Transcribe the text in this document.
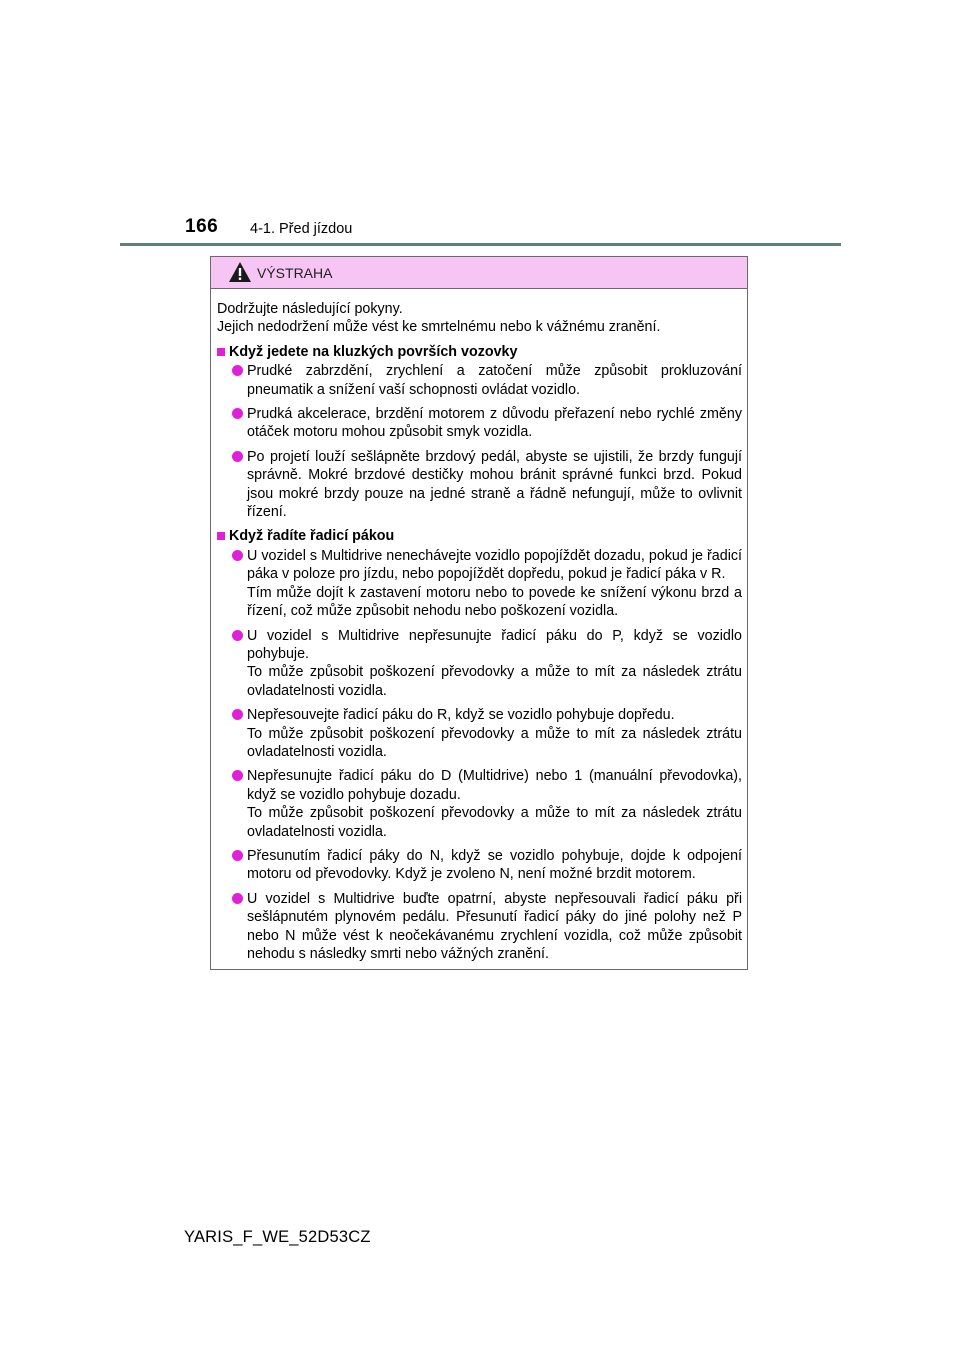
166 4-1. Před jízdou
VÝSTRAHA

Dodržujte následující pokyny.

Jejich nedodržení může vést ke smrtelnému nebo k vážnému zranění.

Když jedete na kluzkých površích vozovky
Prudké zabrzdění, zrychlení a zatočení může způsobit prokluzování pneumatik a snížení vaší schopnosti ovládat vozidlo.
Prudká akcelerace, brzdění motorem z důvodu přeřazení nebo rychlé změny otáček motoru mohou způsobit smyk vozidla.
Po projetí louží sešlápněte brzdový pedál, abyste se ujistili, že brzdy fungují správně. Mokré brzdové destičky mohou bránit správné funkci brzd. Pokud jsou mokré brzdy pouze na jedné straně a řádně nefungují, může to ovlivnit řízení.
Když řadíte řadicí pákou
U vozidel s Multidrive nenechávejte vozidlo popojíždět dozadu, pokud je řadicí páka v poloze pro jízdu, nebo popojíždět dopředu, pokud je řadicí páka v R.
Tím může dojít k zastavení motoru nebo to povede ke snížení výkonu brzd a řízení, což může způsobit nehodu nebo poškození vozidla.
U vozidel s Multidrive nepřesunujte řadicí páku do P, když se vozidlo pohybuje.
To může způsobit poškození převodovky a může to mít za následek ztrátu ovladatelnosti vozidla.
Nepřesouvejte řadicí páku do R, když se vozidlo pohybuje dopředu.
To může způsobit poškození převodovky a může to mít za následek ztrátu ovladatelnosti vozidla.
Nepřesunujte řadicí páku do D (Multidrive) nebo 1 (manuální převodovka), když se vozidlo pohybuje dozadu.
To může způsobit poškození převodovky a může to mít za následek ztrátu ovladatelnosti vozidla.
Přesunutím řadicí páky do N, když se vozidlo pohybuje, dojde k odpojení motoru od převodovky. Když je zvoleno N, není možné brzdit motorem.
U vozidel s Multidrive buďte opatrní, abyste nepřesouvali řadicí páku při sešlápnutém plynovém pedálu. Přesunutí řadicí páky do jiné polohy než P nebo N může vést k neočekávanému zrychlení vozidla, což může způsobit nehodu s následky smrti nebo vážných zranění.
YARIS_F_WE_52D53CZ
